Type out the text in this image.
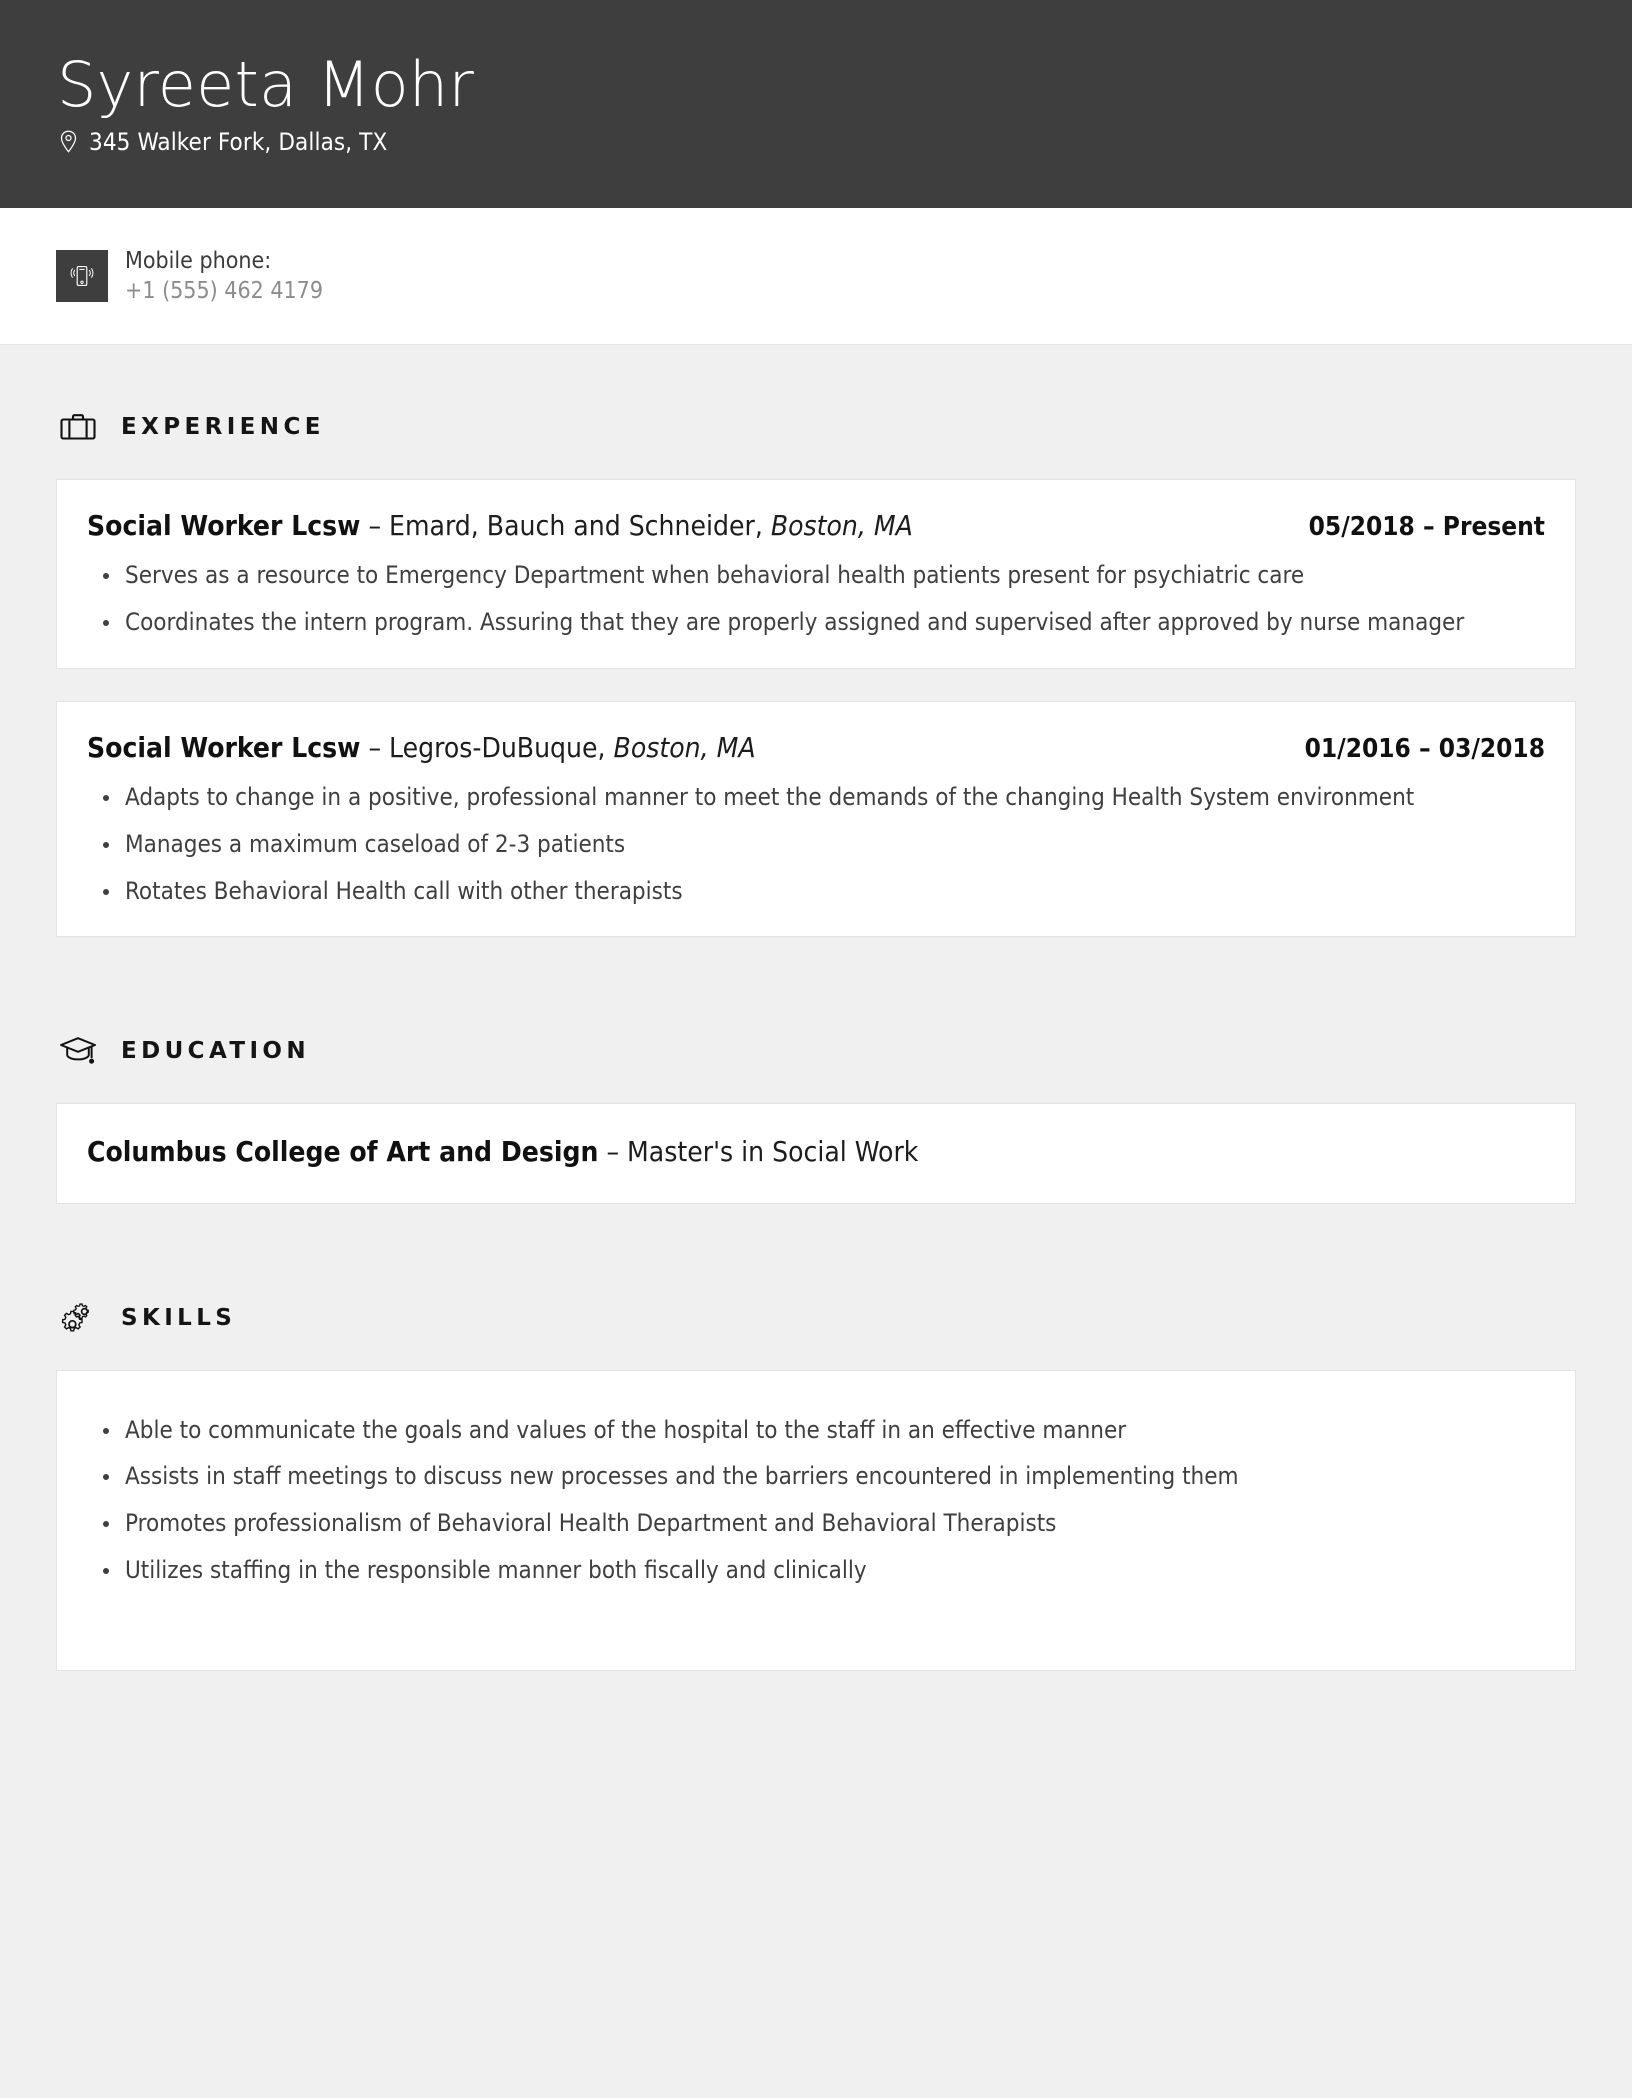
Syreeta Mohr
345 Walker Fork, Dallas, TX
Mobile phone:
+1 (555) 462 4179
EXPERIENCE
Social Worker Lcsw – Emard, Bauch and Schneider, Boston, MA	05/2018 – Present
Serves as a resource to Emergency Department when behavioral health patients present for psychiatric care
Coordinates the intern program. Assuring that they are properly assigned and supervised after approved by nurse manager
Social Worker Lcsw – Legros-DuBuque, Boston, MA	01/2016 – 03/2018
Adapts to change in a positive, professional manner to meet the demands of the changing Health System environment
Manages a maximum caseload of 2-3 patients
Rotates Behavioral Health call with other therapists
EDUCATION
Columbus College of Art and Design – Master's in Social Work
SKILLS
Able to communicate the goals and values of the hospital to the staff in an effective manner
Assists in staff meetings to discuss new processes and the barriers encountered in implementing them
Promotes professionalism of Behavioral Health Department and Behavioral Therapists
Utilizes staffing in the responsible manner both fiscally and clinically
